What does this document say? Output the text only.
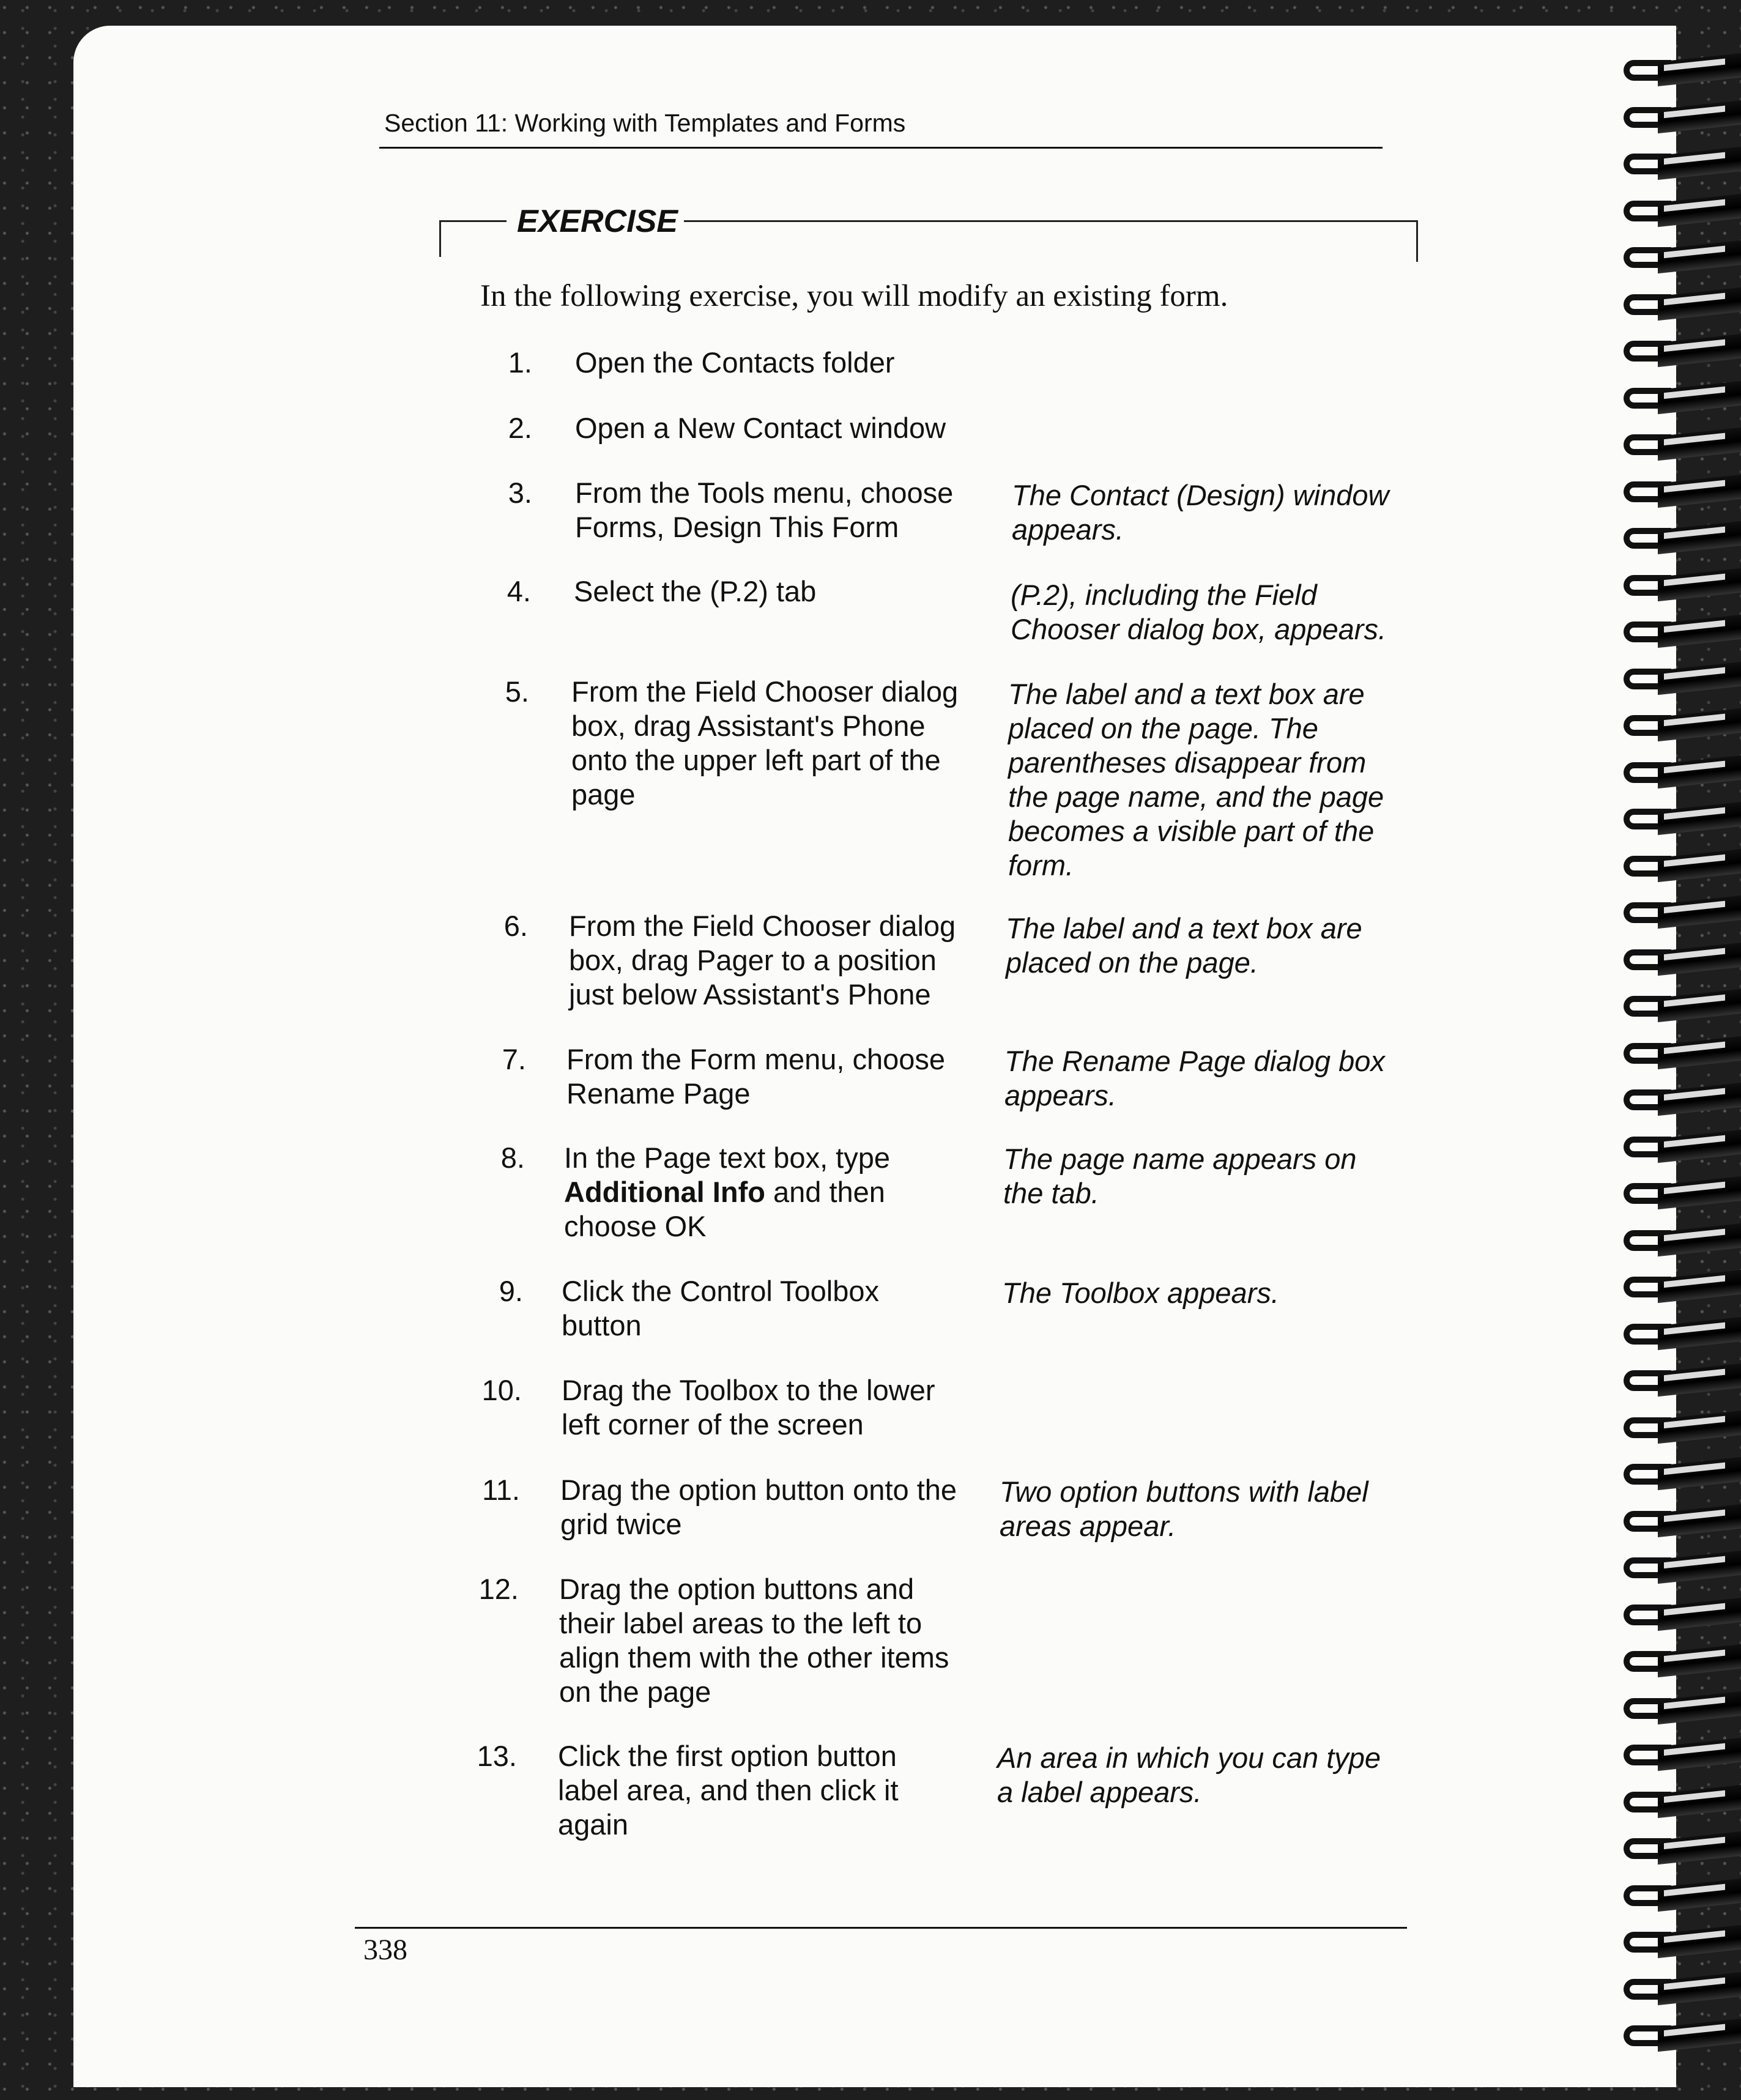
Section 11: Working with Templates and Forms
EXERCISE
In the following exercise, you will modify an existing form.
1. Open the Contacts folder
2. Open a New Contact window
3. From the Tools menu, choose
Forms, Design This Form
The Contact (Design) window
appears.
4. Select the (P.2) tab	(P.2), including the Field
Chooser dialog box, appears.
5. From the Field Chooser dialog
box, drag Assistant's Phone
onto the upper left part of the
page
The label and a text box are
placed on the page. The
parentheses disappear from
the page name, and the page
becomes a visible part of the
form.
6. From the Field Chooser dialog
box, drag Pager to a position
just below Assistant's Phone
The label and a text box are
placed on the page.
7. From the Form menu, choose
Rename Page
The Rename Page dialog box
appears.
8. In the Page text box, type
Additional Info and then
choose OK
The page name appears on
the tab.
9. Click the Control Toolbox
button
The Toolbox appears.
10. Drag the Toolbox to the lower
left corner of the screen
11. Drag the option button onto the
grid twice
Two option buttons with label
areas appear.
12. Drag the option buttons and
their label areas to the left to
align them with the other items
on the page
13. Click the first option button
label area, and then click it
again
An area in which you can type
a label appears.
338
